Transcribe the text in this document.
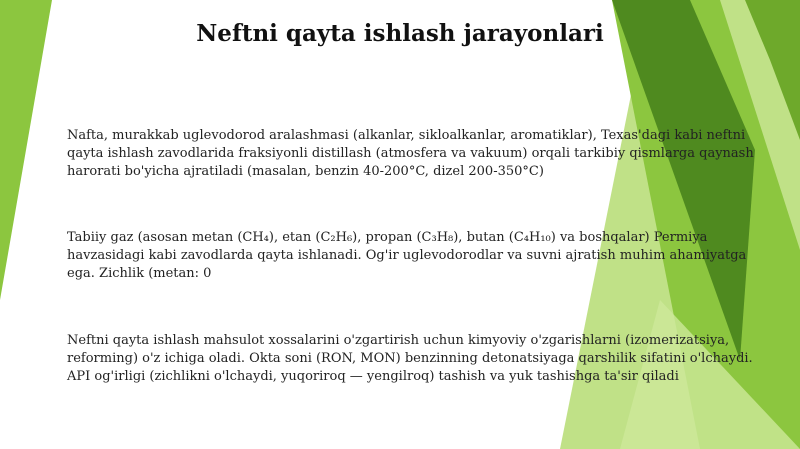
Neftni qayta ishlash jarayonlari

Nafta, murakkab uglevodorod aralashmasi (alkanlar, sikloalkanlar, aromatiklar), Texas'dagi kabi neftni qayta ishlash zavodlarida fraksiyonli distillash (atmosfera va vakuum) orqali tarkibiy qismlarga qaynash harorati bo'yicha ajratiladi (masalan, benzin 40-200°C, dizel 200-350°C)

Tabiiy gaz (asosan metan (CH₄), etan (C₂H₆), propan (C₃H₈), butan (C₄H₁₀) va boshqalar) Permiya havzasidagi kabi zavodlarda qayta ishlanadi. Og'ir uglevodorodlar va suvni ajratish muhim ahamiyatga ega. Zichlik (metan: 0

Neftni qayta ishlash mahsulot xossalarini o'zgartirish uchun kimyoviy o'zgarishlarni (izomerizatsiya, reforming) o'z ichiga oladi. Okta soni (RON, MON) benzinning detonatsiyaga qarshilik sifatini o'lchaydi. API og'irligi (zichlikni o'lchaydi, yuqoriroq — yengilroq) tashish va yuk tashishga ta'sir qiladi
